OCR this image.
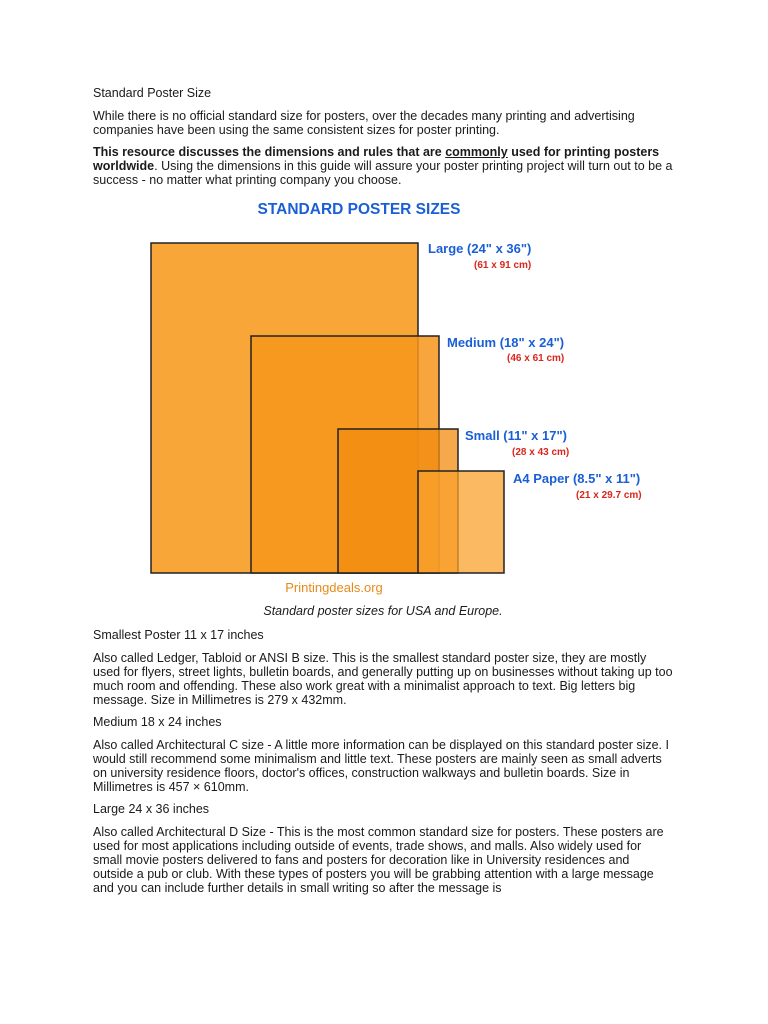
Standard Poster Size

While there is no official standard size for posters, over the decades many printing and advertising companies have been using the same consistent sizes for poster printing.

This resource discusses the dimensions and rules that are commonly used for printing posters worldwide. Using the dimensions in this guide will assure your poster printing project will turn out to be a success - no matter what printing company you choose.

STANDARD POSTER SIZES
Large (24" x 36")
(61 x 91 cm)
Medium (18" x 24")
(46 x 61 cm)
Small (11" x 17")
(28 x 43 cm)
A4 Paper (8.5" x 11")
(21 x 29.7 cm)
Printingdeals.org

Standard poster sizes for USA and Europe.

Smallest Poster 11 x 17 inches

Also called Ledger, Tabloid or ANSI B size. This is the smallest standard poster size, they are mostly used for flyers, street lights, bulletin boards, and generally putting up on businesses without taking up too much room and offending. These also work great with a minimalist approach to text. Big letters big message. Size in Millimetres is 279 x 432mm.

Medium 18 x 24 inches

Also called Architectural C size - A little more information can be displayed on this standard poster size. I would still recommend some minimalism and little text. These posters are mainly seen as small adverts on university residence floors, doctor's offices, construction walkways and bulletin boards. Size in Millimetres is 457 × 610mm.

Large 24 x 36 inches

Also called Architectural D Size - This is the most common standard size for posters. These posters are used for most applications including outside of events, trade shows, and malls. Also widely used for small movie posters delivered to fans and posters for decoration like in University residences and outside a pub or club. With these types of posters you will be grabbing attention with a large message and you can include further details in small writing so after the message is
